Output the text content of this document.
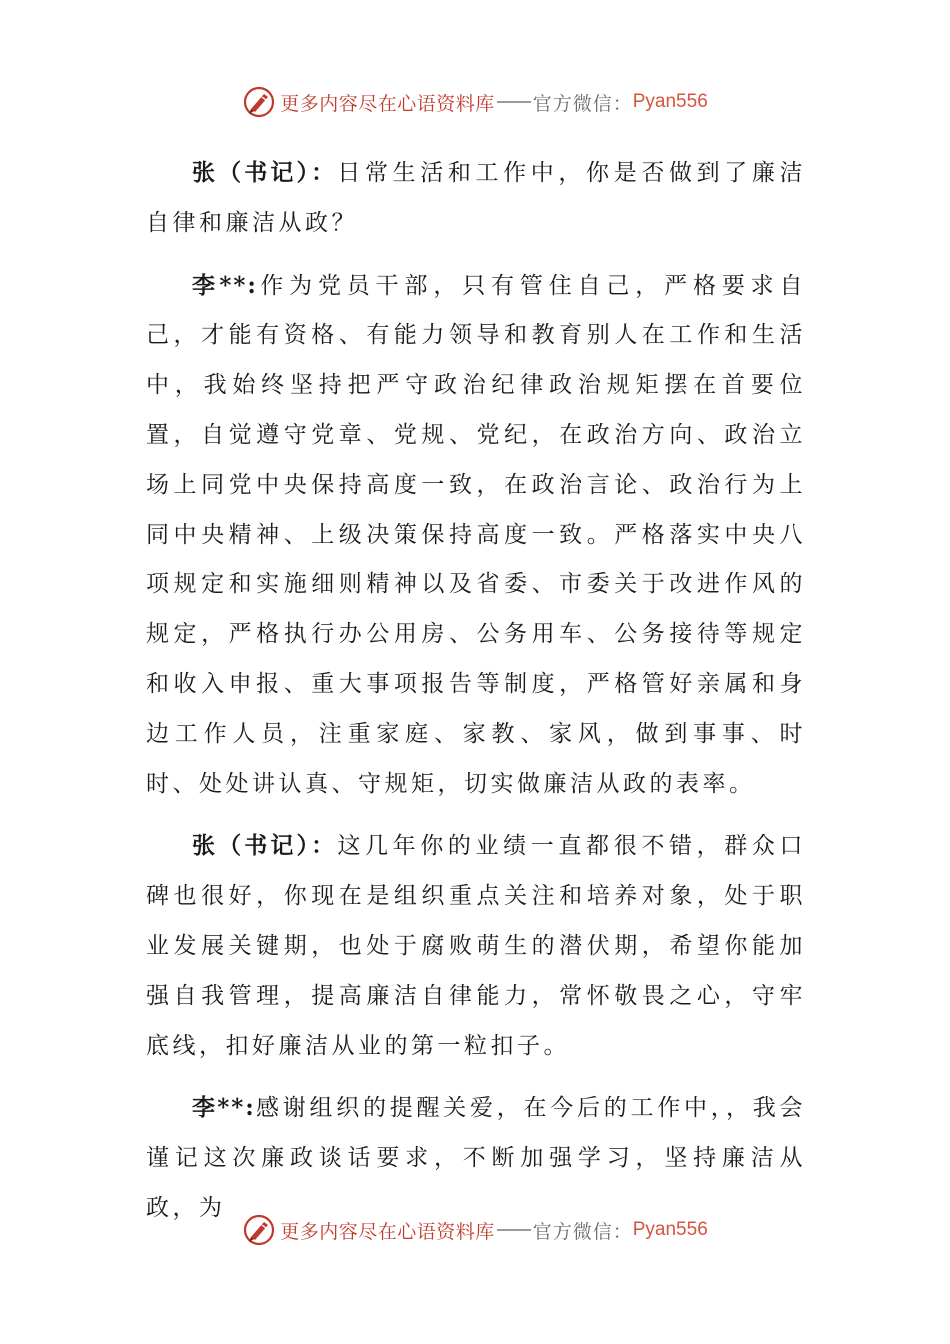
更多内容尽在心语资料库 官方微信： Pyan556

张（书记）：日常生活和工作中，你是否做到了廉洁自律和廉洁从政？

李**:作为党员干部，只有管住自己，严格要求自己，才能有资格、有能力领导和教育别人在工作和生活中，我始终坚持把严守政治纪律政治规矩摆在首要位置，自觉遵守党章、党规、党纪，在政治方向、政治立场上同党中央保持高度一致，在政治言论、政治行为上同中央精神、上级决策保持高度一致。严格落实中央八项规定和实施细则精神以及省委、市委关于改进作风的规定，严格执行办公用房、公务用车、公务接待等规定和收入申报、重大事项报告等制度，严格管好亲属和身边工作人员，注重家庭、家教、家风，做到事事、时时、处处讲认真、守规矩，切实做廉洁从政的表率。

张（书记）：这几年你的业绩一直都很不错，群众口碑也很好，你现在是组织重点关注和培养对象，处于职业发展关键期，也处于腐败萌生的潜伏期，希望你能加强自我管理，提高廉洁自律能力，常怀敬畏之心，守牢底线，扣好廉洁从业的第一粒扣子。

李**:感谢组织的提醒关爱，在今后的工作中，，我会谨记这次廉政谈话要求，不断加强学习，坚持廉洁从政，为

更多内容尽在心语资料库 官方微信： Pyan556
